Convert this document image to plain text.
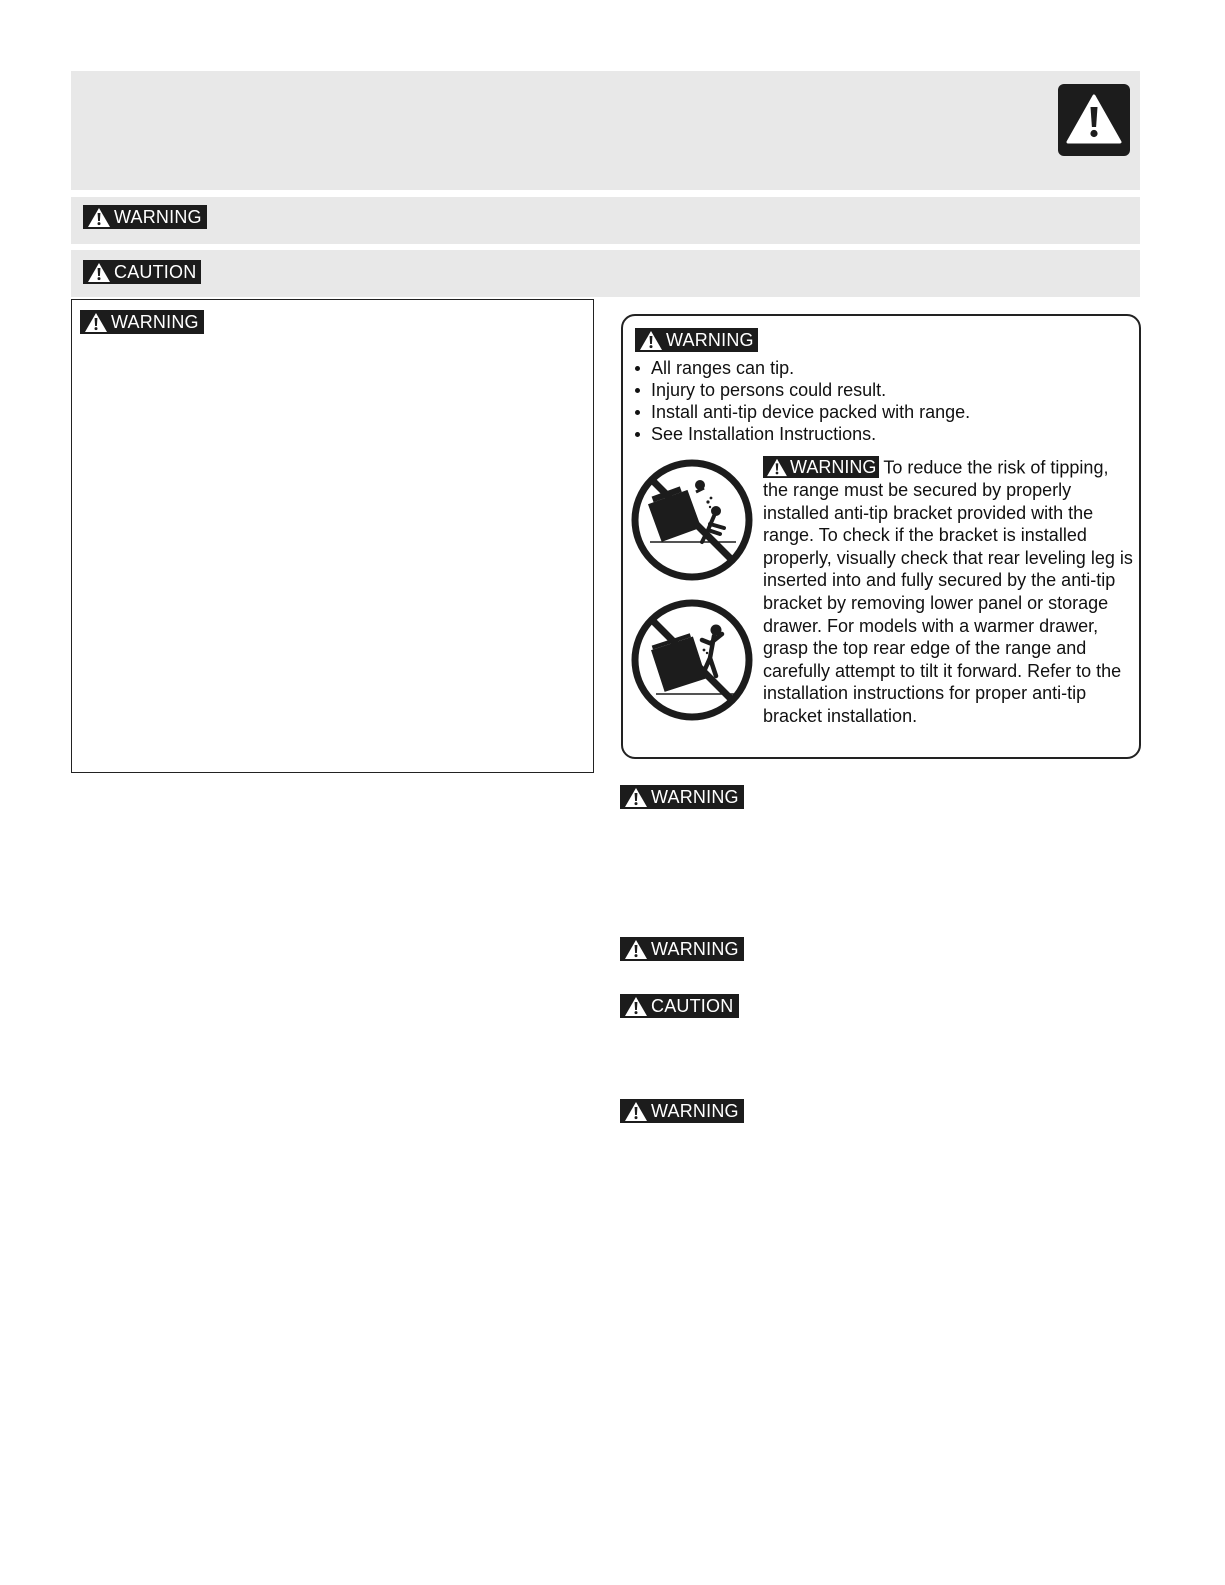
WARNING
CAUTION
WARNING
WARNING
All ranges can tip.
Injury to persons could result.
Install anti-tip device packed with range.
See Installation Instructions.
WARNING To reduce the risk of tipping, the range must be secured by properly installed anti-tip bracket provided with the range. To check if the bracket is installed properly, visually check that rear leveling leg is inserted into and fully secured by the anti-tip bracket by removing lower panel or storage drawer. For models with a warmer drawer, grasp the top rear edge of the range and carefully attempt to tilt it forward. Refer to the installation instructions for proper anti-tip bracket installation.
WARNING
WARNING
CAUTION
WARNING
